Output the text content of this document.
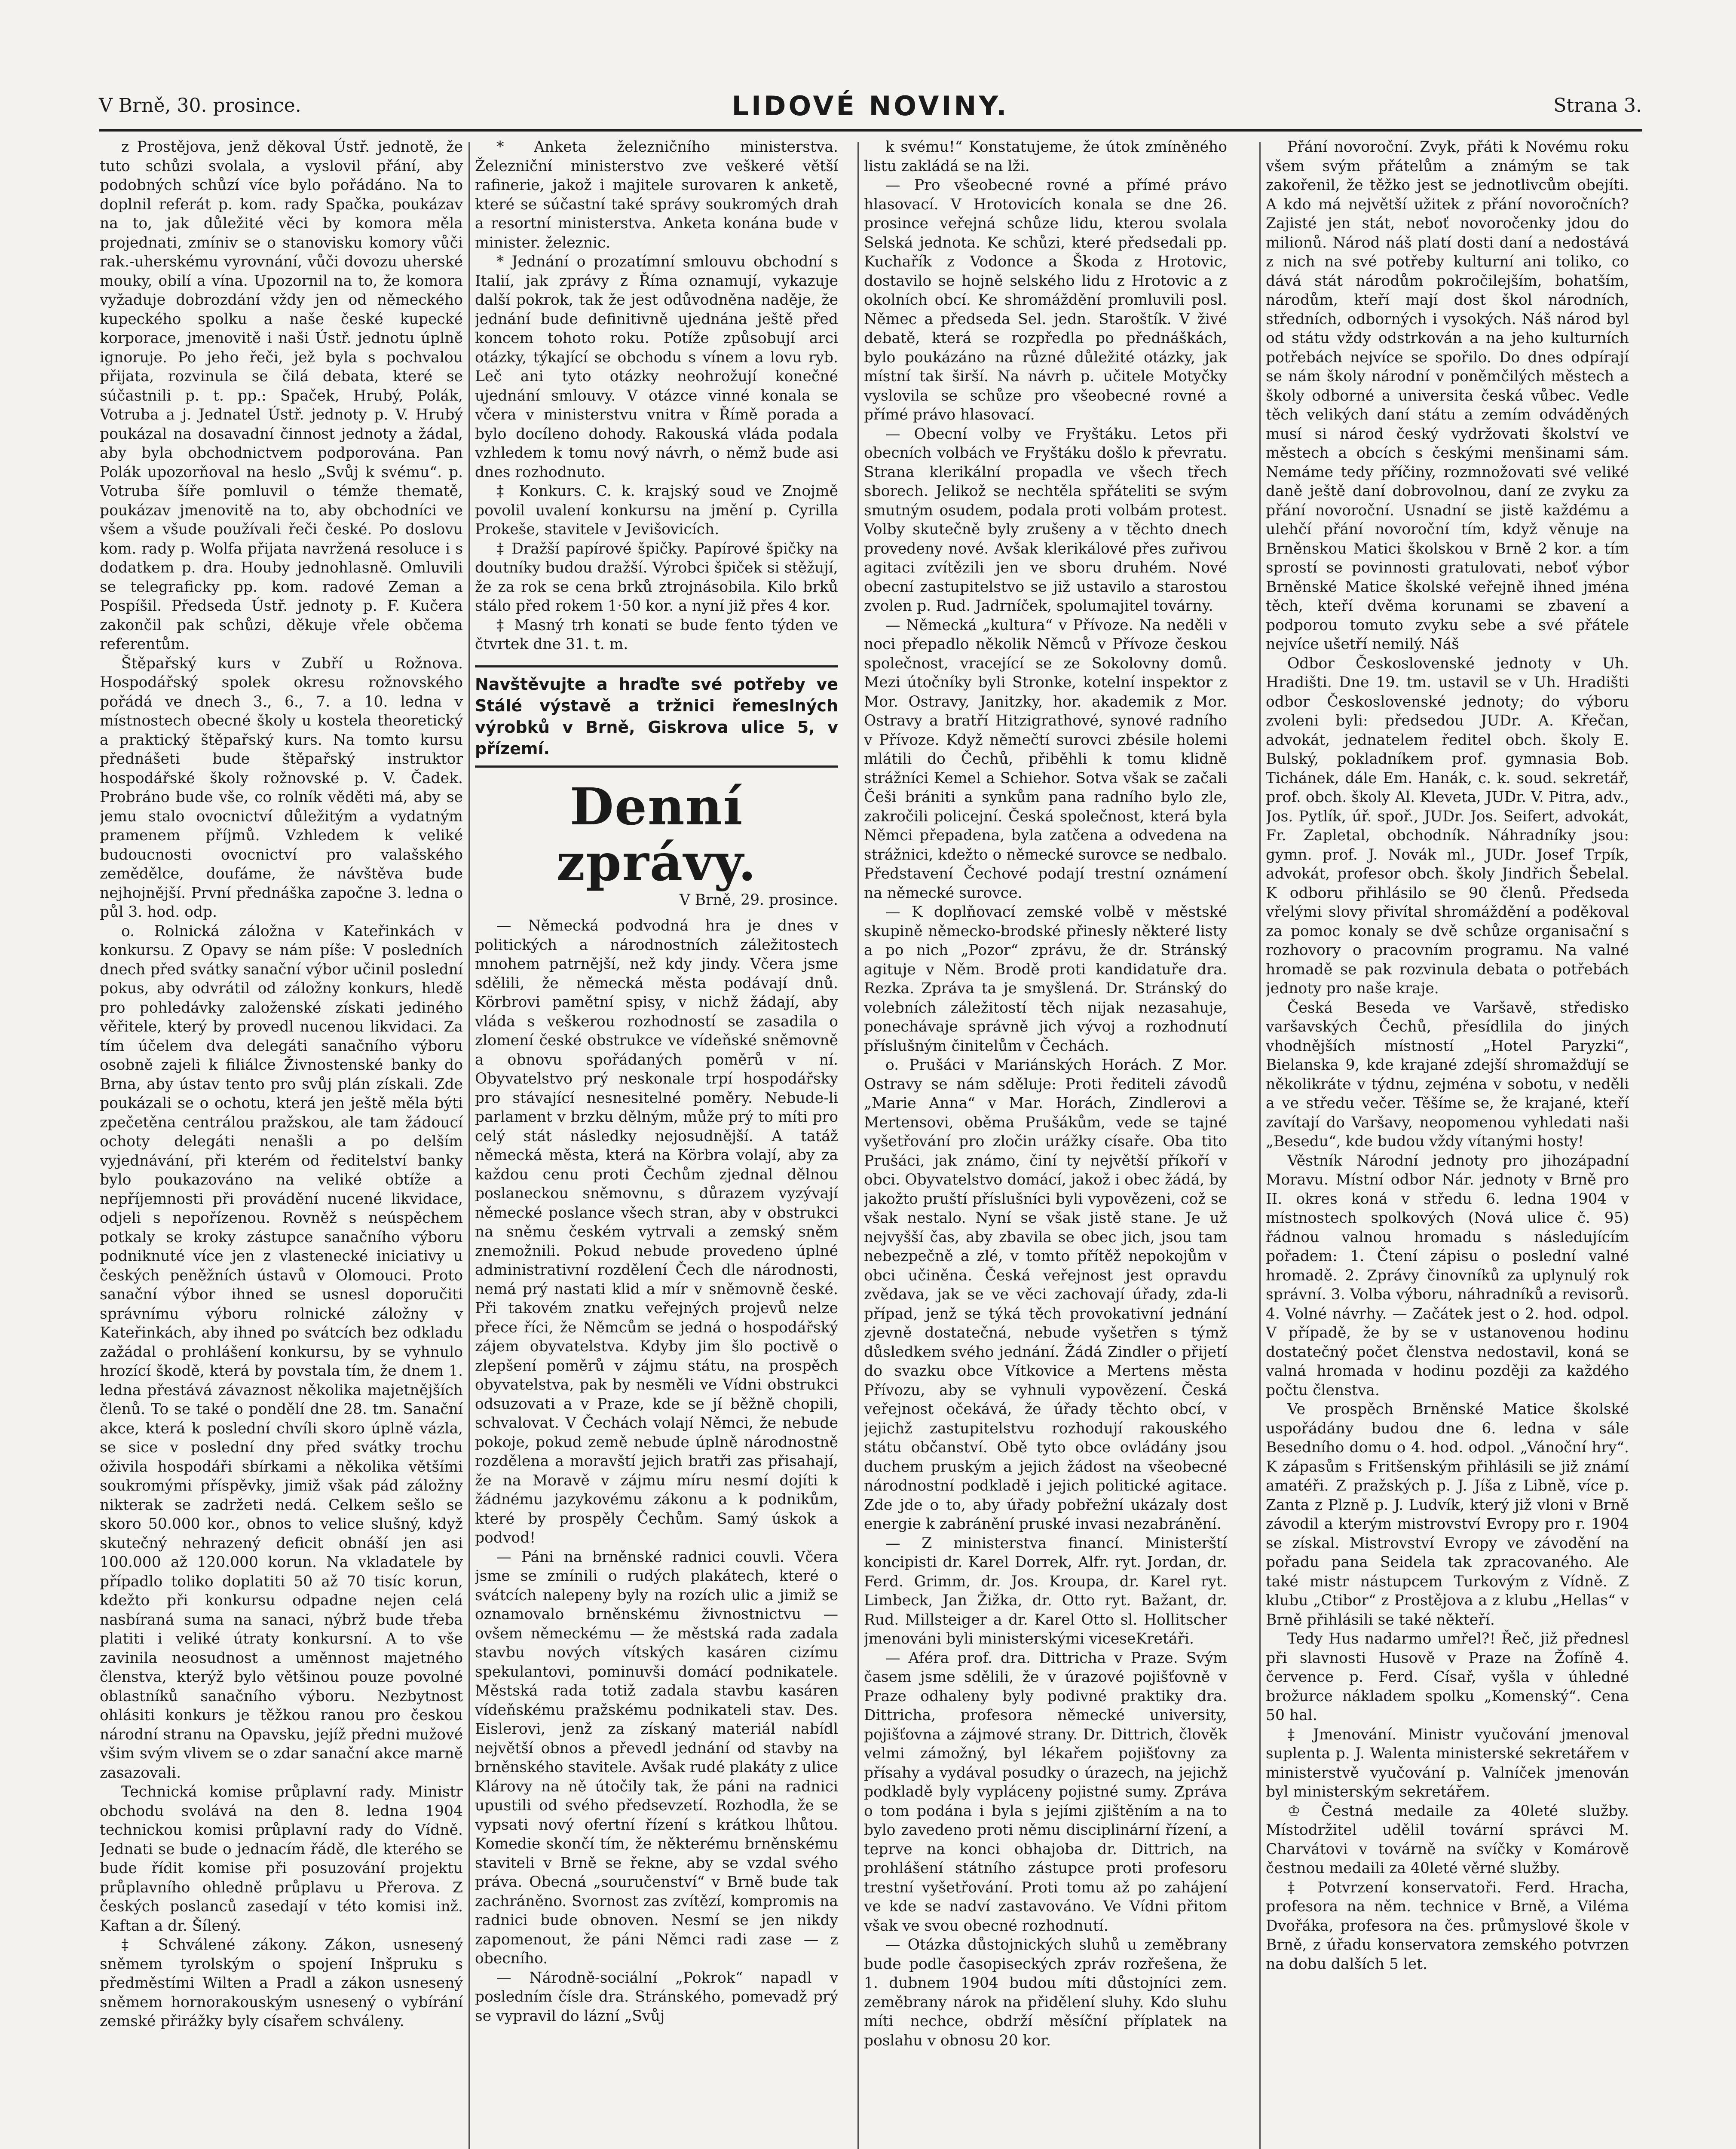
V Brně, 30. prosince.	LIDOVÉ NOVINY.	Strana 3.

z Prostějova, jenž děkoval Ústř. jednotě, že tuto schůzi svolala, a vyslovil přání, aby podobných schůzí více bylo pořádáno. Na to doplnil referát p. kom. rady Spačka, poukázav na to, jak důležité věci by komora měla projednati, zmíniv se o stanovisku komory vůči rak.-uherskému vyrovnání, vůči dovozu uherské mouky, obilí a vína. Upozornil na to, že komora vyžaduje dobrozdání vždy jen od německého kupeckého spolku a naše české kupecké korporace, jmenovitě i naši Ústř. jednotu úplně ignoruje. Po jeho řeči, jež byla s pochvalou přijata, rozvinula se čilá debata, které se súčastnili p. t. pp.: Spaček, Hrubý, Polák, Votruba a j. Jednatel Ústř. jednoty p. V. Hrubý poukázal na dosavadní činnost jednoty a žádal, aby byla obchodnictvem podporována. Pan Polák upozorňoval na heslo „Svůj k svému“. p. Votruba šíře pomluvil o témže thematě, poukázav jmenovitě na to, aby obchodníci ve všem a všude používali řeči české. Po doslovu kom. rady p. Wolfa přijata navržená resoluce i s dodatkem p. dra. Houby jednohlasně. Omluvili se telegraficky pp. kom. radové Zeman a Pospíšil. Předseda Ústř. jednoty p. F. Kučera zakončil pak schůzi, děkuje vřele občema referentům.

Štěpařský kurs v Zubří u Rožnova. Hospodářský spolek okresu rožnovského pořádá ve dnech 3., 6., 7. a 10. ledna v místnostech obecné školy u kostela theoretický a praktický štěpařský kurs. Na tomto kursu přednášeti bude štěpařský instruktor hospodářské školy rožnovské p. V. Čadek. Probráno bude vše, co rolník věděti má, aby se jemu stalo ovocnictví důležitým a vydatným pramenem příjmů. Vzhledem k veliké budoucnosti ovocnictví pro valašského zemědělce, doufáme, že návštěva bude nejhojnější. První přednáška započne 3. ledna o půl 3. hod. odp.

o. Rolnická záložna v Kateřinkách v konkursu. Z Opavy se nám píše: V posledních dnech před svátky sanační výbor učinil poslední pokus, aby odvrátil od záložny konkurs, hledě pro pohledávky založenské získati jediného věřitele, který by provedl nucenou likvidaci. Za tím účelem dva delegáti sanačního výboru osobně zajeli k filiálce Živnostenské banky do Brna, aby ústav tento pro svůj plán získali. Zde poukázali se o ochotu, která jen ještě měla býti zpečetěna centrálou pražskou, ale tam žádoucí ochoty delegáti nenašli a po delším vyjednávání, při kterém od ředitelství banky bylo poukazováno na veliké obtíže a nepříjemnosti při provádění nucené likvidace, odjeli s nepořízenou. Rovněž s neúspěchem potkaly se kroky zástupce sanačního výboru podniknuté více jen z vlastenecké iniciativy u českých peněžních ústavů v Olomouci. Proto sanační výbor ihned se usnesl doporučiti správnímu výboru rolnické záložny v Kateřinkách, aby ihned po svátcích bez odkladu zažádal o prohlášení konkursu, by se vyhnulo hrozící škodě, která by povstala tím, že dnem 1. ledna přestává závaznost několika majetnějších členů. To se také o pondělí dne 28. tm. Sanační akce, která k poslední chvíli skoro úplně vázla, se sice v poslední dny před svátky trochu oživila hospodáři sbírkami a několika většími soukromými příspěvky, jimiž však pád záložny nikterak se zadržeti nedá. Celkem sešlo se skoro 50.000 kor., obnos to velice slušný, když skutečný nehrazený deficit obnáší jen asi 100.000 až 120.000 korun. Na vkladatele by případlo toliko doplatiti 50 až 70 tisíc korun, kdežto při konkursu odpadne nejen celá nasbíraná suma na sanaci, nýbrž bude třeba platiti i veliké útraty konkursní. A to vše zavinila neosudnost a uměnnost majetného členstva, kterýž bylo většinou pouze povolné oblastníků sanačního výboru. Nezbytnost ohlásiti konkurs je těžkou ranou pro českou národní stranu na Opavsku, jejíž předni mužové všim svým vlivem se o zdar sanační akce marně zasazovali.

Technická komise průplavní rady. Ministr obchodu svolává na den 8. ledna 1904 technickou komisi průplavní rady do Vídně. Jednati se bude o jednacím řádě, dle kterého se bude řídit komise při posuzování projektu průplavního ohledně průplavu u Přerova. Z českých poslanců zasedají v této komisi inž. Kaftan a dr. Šílený.

‡ Schválené zákony. Zákon, usnesený sněmem tyrolským o spojení Inšpruku s předměstími Wilten a Pradl a zákon usnesený sněmem hornorakouským usnesený o vybírání zemské přirážky byly císařem schváleny.

* Anketa železničního ministerstva. Železniční ministerstvo zve veškeré větší rafinerie, jakož i majitele surovaren k anketě, které se súčastní také správy soukromých drah a resortní ministerstva. Anketa konána bude v minister. železnic.

* Jednání o prozatímní smlouvu obchodní s Italií, jak zprávy z Říma oznamují, vykazuje další pokrok, tak že jest odůvodněna naděje, že jednání bude definitivně ujednána ještě před koncem tohoto roku. Potíže způsobují arci otázky, týkající se obchodu s vínem a lovu ryb. Leč ani tyto otázky neohrožují konečné ujednání smlouvy. V otázce vinné konala se včera v ministerstvu vnitra v Římě porada a bylo docíleno dohody. Rakouská vláda podala vzhledem k tomu nový návrh, o němž bude asi dnes rozhodnuto.

‡ Konkurs. C. k. krajský soud ve Znojmě povolil uvalení konkursu na jmění p. Cyrilla Prokeše, stavitele v Jevišovicích.

‡ Dražší papírové špičky. Papírové špičky na doutníky budou dražší. Výrobci špiček si stěžují, že za rok se cena brků ztrojnásobila. Kilo brků stálo před rokem 1·50 kor. a nyní již přes 4 kor.

‡ Masný trh konati se bude fento týden ve čtvrtek dne 31. t. m.

Navštěvujte a hraďte své potřeby ve Stálé výstavě a tržnici řemeslných výrobků v Brně, Giskrova ulice 5, v přízemí.
Denní zprávy.
V Brně, 29. prosince.

— Německá podvodná hra je dnes v politických a národnostních záležitostech mnohem patrnější, než kdy jindy. Včera jsme sdělili, že německá města podávají dnů. Körbrovi pamětní spisy, v nichž žádají, aby vláda s veškerou rozhodností se zasadila o zlomení české obstrukce ve vídeňské sněmovně a obnovu spořádaných poměrů v ní. Obyvatelstvo prý neskonale trpí hospodářsky pro stávající nesnesitelné poměry. Nebude-li parlament v brzku dělným, může prý to míti pro celý stát následky nejosudnější. A tatáž německá města, která na Körbra volají, aby za každou cenu proti Čechům zjednal dělnou poslaneckou sněmovnu, s důrazem vyzývají německé poslance všech stran, aby v obstrukci na sněmu českém vytrvali a zemský sněm znemožnili. Pokud nebude provedeno úplné administrativní rozdělení Čech dle národnosti, nemá prý nastati klid a mír v sněmovně české. Při takovém znatku veřejných projevů nelze přece říci, že Němcům se jedná o hospodářský zájem obyvatelstva. Kdyby jim šlo poctivě o zlepšení poměrů v zájmu státu, na prospěch obyvatelstva, pak by nesměli ve Vídni obstrukci odsuzovati a v Praze, kde se jí běžně chopili, schvalovat. V Čechách volají Němci, že nebude pokoje, pokud země nebude úplně národnostně rozdělena a moravští jejich bratři zas přisahají, že na Moravě v zájmu míru nesmí dojíti k žádnému jazykovému zákonu a k podnikům, které by prospěly Čechům. Samý úskok a podvod!

— Páni na brněnské radnici couvli. Včera jsme se zmínili o rudých plakátech, které o svátcích nalepeny byly na rozích ulic a jimiž se oznamovalo brněnskému živnostnictvu — ovšem německému — že městská rada zadala stavbu nových vítských kasáren cizímu spekulantovi, pominuvši domácí podnikatele. Městská rada totiž zadala stavbu kasáren vídeňskému pražskému podnikateli stav. Des. Eislerovi, jenž za získaný materiál nabídl největší obnos a převedl jednání od stavby na brněnského stavitele. Avšak rudé plakáty z ulice Klárovy na ně útočily tak, že páni na radnici upustili od svého předsevzetí. Rozhodla, že se vypsati nový ofertní řízení s krátkou lhůtou. Komedie skončí tím, že některému brněnskému staviteli v Brně se řekne, aby se vzdal svého práva. Obecná „souručenství“ v Brně bude tak zachráněno. Svornost zas zvítězí, kompromis na radnici bude obnoven. Nesmí se jen nikdy zapomenout, že páni Němci radi zase — z obecního.

— Národně-sociální „Pokrok“ napadl v posledním čísle dra. Stránského, pomevadž prý se vypravil do lázní „Svůj

k svému!“ Konstatujeme, že útok zmíněného listu zakládá se na lži.

— Pro všeobecné rovné a přímé právo hlasovací. V Hrotovicích konala se dne 26. prosince veřejná schůze lidu, kterou svolala Selská jednota. Ke schůzi, které předsedali pp. Kuchařík z Vodonce a Škoda z Hrotovic, dostavilo se hojně selského lidu z Hrotovic a z okolních obcí. Ke shromáždění promluvili posl. Němec a předseda Sel. jedn. Staroštík. V živé debatě, která se rozpředla po přednáškách, bylo poukázáno na různé důležité otázky, jak místní tak širší. Na návrh p. učitele Motyčky vyslovila se schůze pro všeobecné rovné a přímé právo hlasovací.

— Obecní volby ve Fryštáku. Letos při obecních volbách ve Fryštáku došlo k převratu. Strana klerikální propadla ve všech třech sborech. Jelikož se nechtěla spřáteliti se svým smutným osudem, podala proti volbám protest. Volby skutečně byly zrušeny a v těchto dnech provedeny nové. Avšak klerikálové přes zuřivou agitaci zvítězili jen ve sboru druhém. Nové obecní zastupitelstvo se již ustavilo a starostou zvolen p. Rud. Jadrníček, spolumajitel továrny.

— Německá „kultura“ v Přívoze. Na neděli v noci přepadlo několik Němců v Přívoze českou společnost, vracející se ze Sokolovny domů. Mezi útočníky byli Stronke, kotelní inspektor z Mor. Ostravy, Janitzky, hor. akademik z Mor. Ostravy a bratří Hitzigrathové, synové radního v Přívoze. Když němečtí surovci zbésile holemi mlátili do Čechů, přiběhli k tomu klidně strážníci Kemel a Schiehor. Sotva však se začali Češi brániti a synkům pana radního bylo zle, zakročili policejní. Česká společnost, která byla Němci přepadena, byla zatčena a odvedena na strážnici, kdežto o německé surovce se nedbalo. Představení Čechové podají trestní oznámení na německé surovce.

— K doplňovací zemské volbě v městské skupině německo-brodské přinesly některé listy a po nich „Pozor“ zprávu, že dr. Stránský agituje v Něm. Brodě proti kandidatuře dra. Rezka. Zpráva ta je smyšlená. Dr. Stránský do volebních záležitostí těch nijak nezasahuje, ponechávaje správně jich vývoj a rozhodnutí příslušným činitelům v Čechách.

o. Prušáci v Mariánských Horách. Z Mor. Ostravy se nám sděluje: Proti řediteli závodů „Marie Anna“ v Mar. Horách, Zindlerovi a Mertensovi, oběma Prušákům, vede se tajné vyšetřování pro zločin urážky císaře. Oba tito Prušáci, jak známo, činí ty největší příkoří v obci. Obyvatelstvo domácí, jakož i obec žádá, by jakožto pruští příslušníci byli vypovězeni, což se však nestalo. Nyní se však jistě stane. Je už nejvyšší čas, aby zbavila se obec jich, jsou tam nebezpečně a zlé, v tomto přítěž nepokojům v obci učiněna. Česká veřejnost jest opravdu zvědava, jak se ve věci zachovají úřady, zda-li případ, jenž se týká těch provokativní jednání zjevně dostatečná, nebude vyšetřen s týmž důsledkem svého jednání. Žádá Zindler o přijetí do svazku obce Vítkovice a Mertens města Přívozu, aby se vyhnuli vypovězení. Česká veřejnost očekává, že úřady těchto obcí, v jejichž zastupitelstvu rozhodují rakouského státu občanství. Obě tyto obce ovládány jsou duchem pruským a jejich žádost na všeobecné národnostní podkladě i jejich politické agitace. Zde jde o to, aby úřady pobřežní ukázaly dost energie k zabránění pruské invasi nezabránění.

— Z ministerstva financí. Ministerští koncipisti dr. Karel Dorrek, Alfr. ryt. Jordan, dr. Ferd. Grimm, dr. Jos. Kroupa, dr. Karel ryt. Limbeck, Jan Žižka, dr. Otto ryt. Bažant, dr. Rud. Millsteiger a dr. Karel Otto sl. Hollitscher jmenováni byli ministerskými viceseKretáři.

— Aféra prof. dra. Dittricha v Praze. Svým časem jsme sdělili, že v úrazové pojišťovně v Praze odhaleny byly podivné praktiky dra. Dittricha, profesora německé university, pojišťovna a zájmové strany. Dr. Dittrich, člověk velmi zámožný, byl lékařem pojišťovny za přísahy a vydával posudky o úrazech, na jejichž podkladě byly vypláceny pojistné sumy. Zpráva o tom podána i byla s jejími zjištěním a na to bylo zavedeno proti němu disciplinární řízení, a teprve na konci obhajoba dr. Dittrich, na prohlášení státního zástupce proti profesoru trestní vyšetřování. Proti tomu až po zahájení ve kde se nadví zastavováno. Ve Vídni přitom však ve svou obecné rozhodnutí.

— Otázka důstojnických sluhů u zeměbrany bude podle časopiseckých zpráv rozřešena, že 1. dubnem 1904 budou míti důstojníci zem. zeměbrany nárok na přidělení sluhy. Kdo sluhu míti nechce, obdrží měsíční příplatek na poslahu v obnosu 20 kor.

Přání novoroční. Zvyk, přáti k Novému roku všem svým přátelům a známým se tak zakořenil, že těžko jest se jednotlivcům obejíti. A kdo má největší užitek z přání novoročních? Zajisté jen stát, neboť novoročenky jdou do milionů. Národ náš platí dosti daní a nedostává z nich na své potřeby kulturní ani toliko, co dává stát národům pokročilejším, bohatším, národům, kteří mají dost škol národních, středních, odborných i vysokých. Náš národ byl od státu vždy odstrkován a na jeho kulturních potřebách nejvíce se spořilo. Do dnes odpírají se nám školy národní v poněmčilých městech a školy odborné a universita česká vůbec. Vedle těch velikých daní státu a zemím odváděných musí si národ český vydržovati školství ve městech a obcích s českými menšinami sám. Nemáme tedy příčiny, rozmnožovati své veliké daně ještě daní dobrovolnou, daní ze zvyku za přání novoroční. Usnadní se jistě každému a ulehčí přání novoroční tím, když věnuje na Brněnskou Matici školskou v Brně 2 kor. a tím sprostí se povinnosti gratulovati, neboť výbor Brněnské Matice školské veřejně ihned jména těch, kteří dvěma korunami se zbavení a podporou tomuto zvyku sebe a své přátele nejvíce ušetří nemilý. Náš

Odbor Československé jednoty v Uh. Hradišti. Dne 19. tm. ustavil se v Uh. Hradišti odbor Československé jednoty; do výboru zvoleni byli: předsedou JUDr. A. Křečan, advokát, jednatelem ředitel obch. školy E. Bulský, pokladníkem prof. gymnasia Bob. Tichánek, dále Em. Hanák, c. k. soud. sekretář, prof. obch. školy Al. Kleveta, JUDr. V. Pitra, adv., Jos. Pytlík, úř. spoř., JUDr. Jos. Seifert, advokát, Fr. Zapletal, obchodník. Náhradníky jsou: gymn. prof. J. Novák ml., JUDr. Josef Trpík, advokát, profesor obch. školy Jindřich Šebelal. K odboru přihlásilo se 90 členů. Předseda vřelými slovy přivítal shromáždění a poděkoval za pomoc konaly se dvě schůze organisační s rozhovory o pracovním programu. Na valné hromadě se pak rozvinula debata o potřebách jednoty pro naše kraje.

Česká Beseda ve Varšavě, středisko varšavských Čechů, přesídlila do jiných vhodnějších místností „Hotel Paryzki“, Bielanska 9, kde krajané zdejší shromažďují se několikráte v týdnu, zejména v sobotu, v neděli a ve středu večer. Těšíme se, že krajané, kteří zavítají do Varšavy, neopomenou vyhledati naši „Besedu“, kde budou vždy vítanými hosty!

Věstník Národní jednoty pro jihozápadní Moravu. Místní odbor Nár. jednoty v Brně pro II. okres koná v středu 6. ledna 1904 v místnostech spolkových (Nová ulice č. 95) řádnou valnou hromadu s následujícím pořadem: 1. Čtení zápisu o poslední valné hromadě. 2. Zprávy činovníků za uplynulý rok správní. 3. Volba výboru, náhradníků a revisorů. 4. Volné návrhy. — Začátek jest o 2. hod. odpol. V případě, že by se v ustanovenou hodinu dostatečný počet členstva nedostavil, koná se valná hromada v hodinu později za každého počtu členstva.

Ve prospěch Brněnské Matice školské uspořádány budou dne 6. ledna v sále Besedního domu o 4. hod. odpol. „Vánoční hry“. K zápasům s Fritšenským přihlásili se již známí amatéři. Z pražských p. J. Jíša z Libně, více p. Zanta z Plzně p. J. Ludvík, který již vloni v Brně závodil a kterým mistrovství Evropy pro r. 1904 se získal. Mistrovství Evropy ve závodění na pořadu pana Seidela tak zpracovaného. Ale také mistr nástupcem Turkovým z Vídně. Z klubu „Ctibor“ z Prostějova a z klubu „Hellas“ v Brně přihlásili se také někteří.

Tedy Hus nadarmo umřel?! Řeč, již přednesl při slavnosti Husově v Praze na Žofíně 4. července p. Ferd. Císař, vyšla v úhledné brožurce nákladem spolku „Komenský“. Cena 50 hal.

‡ Jmenování. Ministr vyučování jmenoval suplenta p. J. Walenta ministerské sekretářem v ministerstvě vyučování p. Valníček jmenován byl ministerským sekretářem.

♔ Čestná medaile za 40leté služby. Místodržitel udělil tovární správci M. Charvátovi v továrně na svíčky v Komárově čestnou medaili za 40leté věrné služby.

‡ Potvrzení konservatoři. Ferd. Hracha, profesora na něm. technice v Brně, a Viléma Dvořáka, profesora na čes. průmyslové škole v Brně, z úřadu konservatora zemského potvrzen na dobu dalších 5 let.
